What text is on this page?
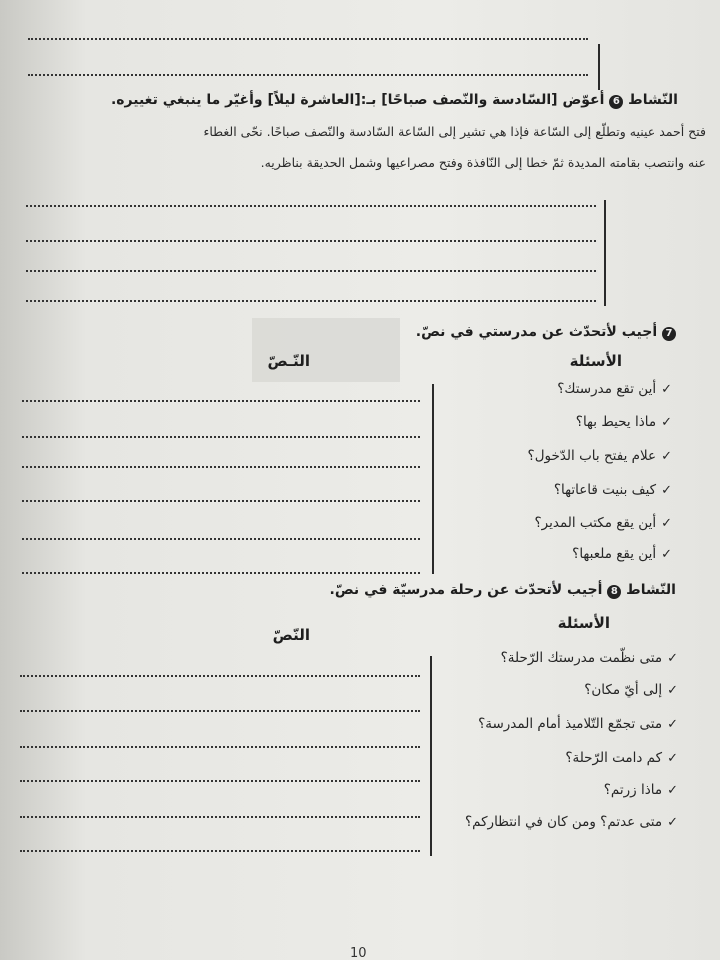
النّشاط 6 أعوّض [السّادسة والنّصف صباحًا] بـ:[العاشرة ليلاً] وأغيّر ما ينبغي تغييره.
فتح أحمد عينيه وتطلّع إلى السّاعة فإذا هي تشير إلى السّاعة السّادسة والنّصف صباحًا. نحّى الغطاء
عنه وانتصب بقامته المديدة ثمّ خطا إلى النّافذة وفتح مصراعيها وشمل الحديقة بناظريه.
7 أجيب لأتحدّث عن مدرستي في نصّ.
الأسئلة
النّـصّ
✓أين تقع مدرستك؟
✓ماذا يحيط بها؟
✓علام يفتح باب الدّخول؟
✓كيف بنيت قاعاتها؟
✓أين يقع مكتب المدير؟
✓أين يقع ملعبها؟
النّشاط 8 أجيب لأتحدّث عن رحلة مدرسيّة في نصّ.
الأسئلة
النّصّ
✓متى نظّمت مدرستك الرّحلة؟
✓إلى أيّ مكان؟
✓متى تجمّع التّلاميذ أمام المدرسة؟
✓كم دامت الرّحلة؟
✓ماذا زرتم؟
✓متى عدتم؟ ومن كان في انتظاركم؟
10
